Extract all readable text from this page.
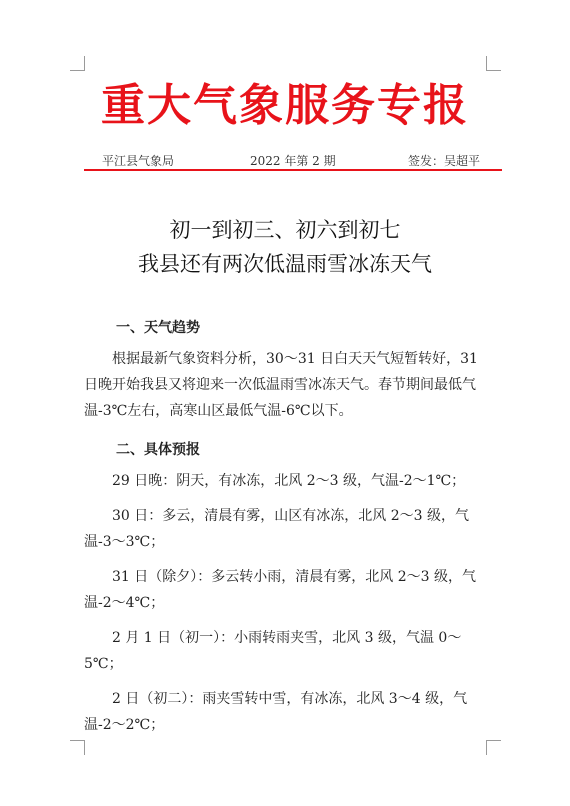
重大气象服务专报
平江县气象局	2022 年第 2 期	签发：吴超平
初一到初三、初六到初七
我县还有两次低温雨雪冰冻天气
一、天气趋势

根据最新气象资料分析，30～31 日白天天气短暂转好，31 日晚开始我县又将迎来一次低温雨雪冰冻天气。春节期间最低气温-3℃左右，高寒山区最低气温-6℃以下。

二、具体预报

29 日晚：阴天，有冰冻，北风 2～3 级，气温-2～1℃；

30 日：多云，清晨有雾，山区有冰冻，北风 2～3 级，气温-3～3℃；

31 日（除夕）：多云转小雨，清晨有雾，北风 2～3 级，气温-2～4℃；

2 月 1 日（初一）：小雨转雨夹雪，北风 3 级，气温 0～5℃；

2 日（初二）：雨夹雪转中雪，有冰冻，北风 3～4 级，气温-2～2℃；
